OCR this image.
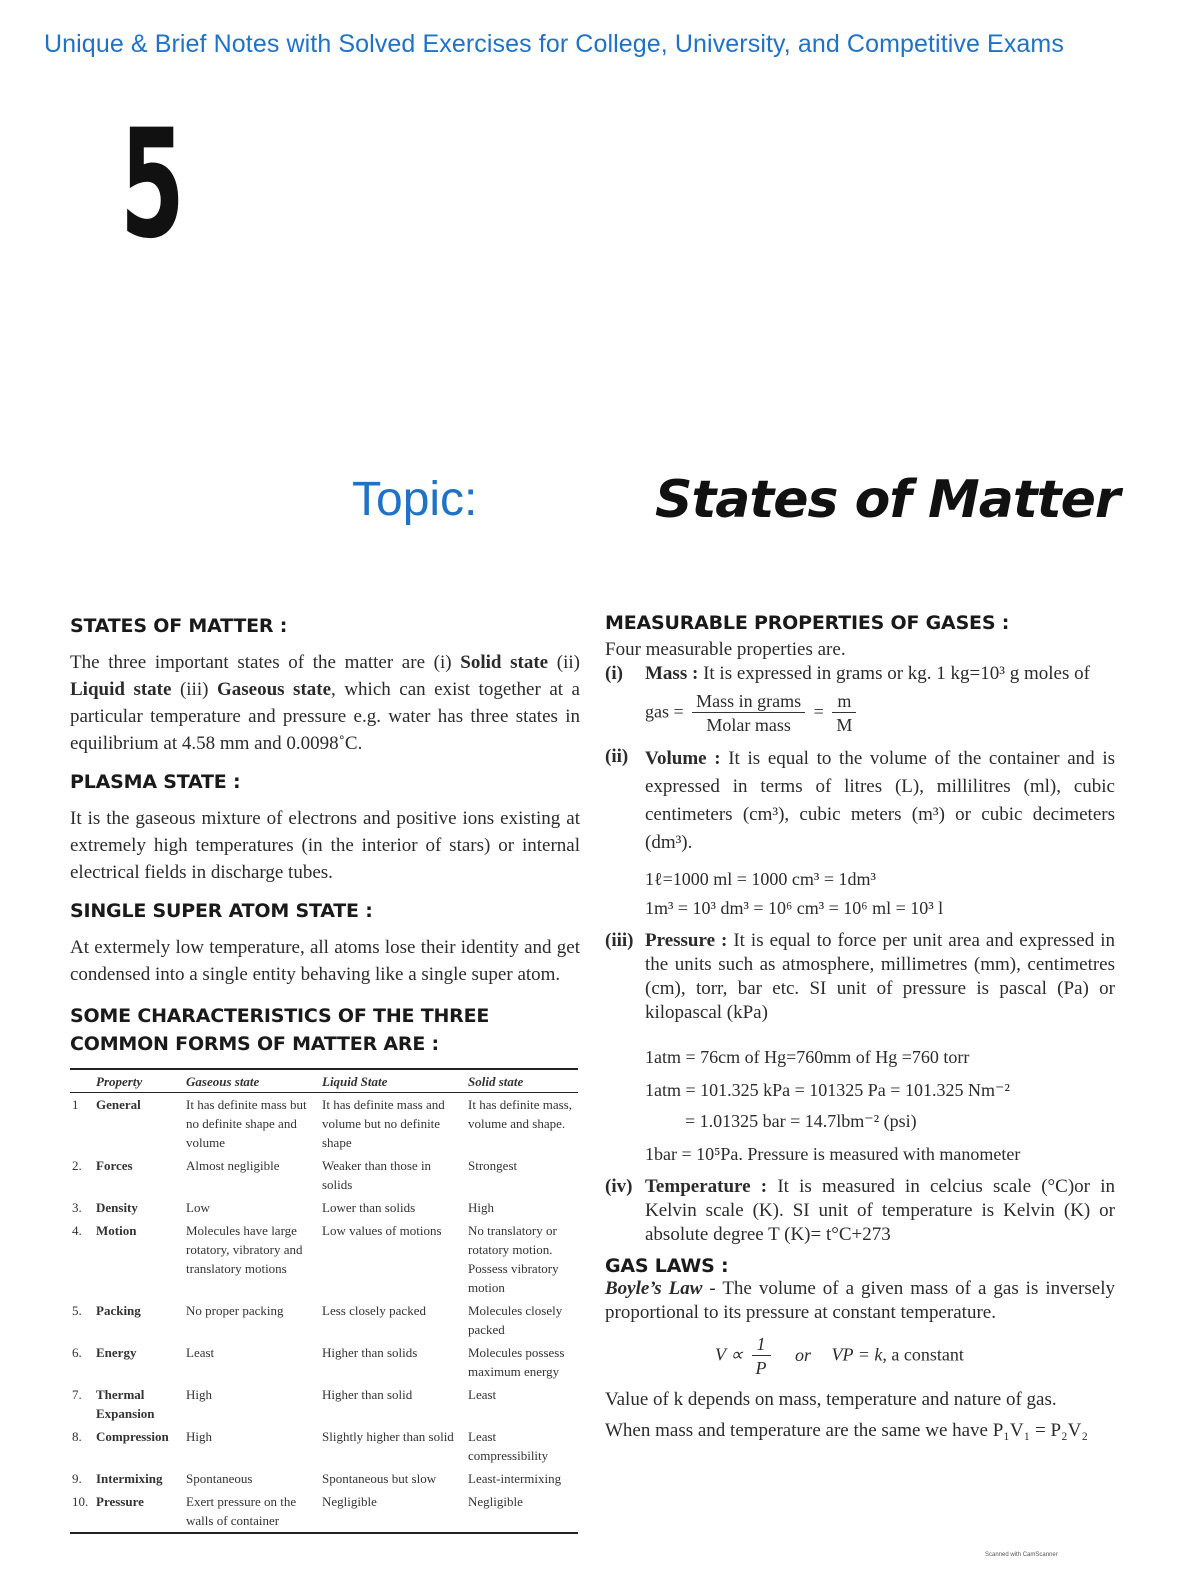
Unique & Brief Notes with Solved Exercises for College, University, and Competitive Exams
5
Topic:	States of Matter
STATES OF MATTER :

The three important states of the matter are (i) Solid state (ii) Liquid state (iii) Gaseous state, which can exist together at a particular temperature and pressure e.g. water has three states in equilibrium at 4.58 mm and 0.0098˚C.

PLASMA STATE :

It is the gaseous mixture of electrons and positive ions existing at extremely high temperatures (in the interior of stars) or internal electrical fields in discharge tubes.

SINGLE SUPER ATOM STATE :

At extermely low temperature, all atoms lose their identity and get condensed into a single entity behaving like a single super atom.

SOME CHARACTERISTICS OF THE THREE COMMON FORMS OF MATTER ARE :
	Property	Gaseous state	Liquid State	Solid state
1	General	It has definite mass but no definite shape and volume	It has definite mass and volume but no definite shape	It has definite mass, volume and shape.
2.	Forces	Almost negligible	Weaker than those in solids	Strongest
3.	Density	Low	Lower than solids	High
4.	Motion	Molecules have large rotatory, vibratory and translatory motions	Low values of motions	No translatory or rotatory motion. Possess vibratory motion
5.	Packing	No proper packing	Less closely packed	Molecules closely packed
6.	Energy	Least	Higher than solids	Molecules possess maximum energy
7.	Thermal Expansion	High	Higher than solid	Least
8.	Compression	High	Slightly higher than solid	Least compressibility
9.	Intermixing	Spontaneous	Spontaneous but slow	Least-intermixing
10.	Pressure	Exert pressure on the walls of container	Negligible	Negligible
MEASURABLE PROPERTIES OF GASES :

Four measurable properties are.

(i)	Mass : It is expressed in grams or kg. 1 kg=10³ g moles of
gas = $\frac{\text{Mass in grams}}{\text{Molar mass}} = \frac{m}{M}$
(ii) Volume : It is equal to the volume of the container and is expressed in terms of litres (L), millilitres (ml), cubic centimeters (cm³), cubic meters (m³) or cubic decimeters (dm³).
1ℓ=1000 ml = 1000 cm³ = 1dm³
1m³ = 10³ dm³ = 10⁶ cm³ = 10⁶ ml = 10³ l
(iii) Pressure : It is equal to force per unit area and expressed in the units such as atmosphere, millimetres (mm), centimetres (cm), torr, bar etc. SI unit of pressure is pascal (Pa) or kilopascal (kPa)
1atm = 76cm of Hg=760mm of Hg =760 torr
1atm = 101.325 kPa = 101325 Pa = 101.325 Nm⁻²
= 1.01325 bar = 14.7lbm⁻² (psi)
1bar = 10⁵Pa. Pressure is measured with manometer
(iv) Temperature : It is measured in celcius scale (°C)or in Kelvin scale (K). SI unit of temperature is Kelvin (K) or absolute degree T (K)= t°C+273
GAS LAWS :

Boyle’s Law - The volume of a given mass of a gas is inversely proportional to its pressure at constant temperature.

$V \propto \frac{1}{P}$ or VP = k, a constant

Value of k depends on mass, temperature and nature of gas.

When mass and temperature are the same we have P₁V₁ = P₂V₂

Scanned with CamScanner
